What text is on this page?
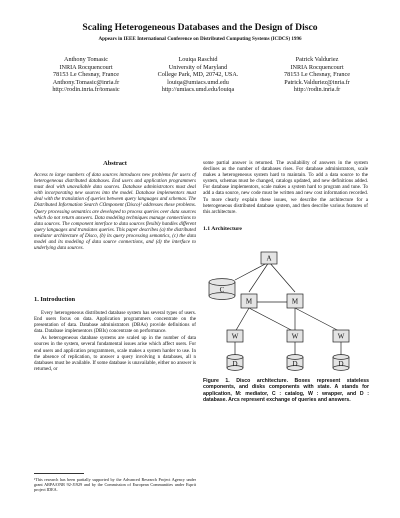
Scaling Heterogeneous Databases and the Design of Disco
Appears in IEEE International Conference on Distributed Computing Systems (ICDCS) 1996
Anthony Tomasic
INRIA Rocquencourt
78153 Le Chesnay, France
Anthony.Tomasic@inria.fr
http://rodin.inria.fr/tomasic
Louiqa Raschid
University of Maryland
College Park, MD, 20742, USA.
louiqa@umiacs.umd.edu
http://umiacs.umd.edu/louiqa
Patrick Valduriez
INRIA Rocquencourt
78153 Le Chesnay, France
Patrick.Valduriez@inria.fr
http://rodin.inria.fr
Abstract
Access to large numbers of data sources introduces new problems for users of heterogeneous distributed databases. End users and application programmers must deal with unavailable data sources. Database administrators must deal with incorporating new sources into the model. Database implementors must deal with the translation of queries between query languages and schemas. The Distributed Information Search COmponent (Disco)¹ addresses these problems. Query processing semantics are developed to process queries over data sources which do not return answers. Data modeling techniques manage connections to data sources. The component interface to data sources flexibly handles different query languages and translates queries. This paper describes (a) the distributed mediator architecture of Disco, (b) its query processing semantics, (c) the data model and its modeling of data source connections, and (d) the interface to underlying data sources.
1. Introduction

Every heterogeneous distributed database system has several types of users. End users focus on data. Application programmers concentrate on the presentation of data. Database administrators (DBAs) provide definitions of data. Database implementors (DBIs) concentrate on performance.

As heterogeneous database systems are scaled up in the number of data sources in the system, several fundamental issues arise which affect users. For end users and application programmers, scale makes a system harder to use. In the absence of replication, to answer a query involving n databases, all n databases must be available. If some database is unavailable, either no answer is returned, or

¹This research has been partially supported by the Advanced Research Project Agency under grant ARPA/ONR 92-J1929 and by the Commission of European Communities under Esprit project IDEA.
some partial answer is returned. The availability of answers in the system declines as the number of databases rises. For database administrators, scale makes a heterogeneous system hard to maintain. To add a data source to the system, schemas must be changed, catalogs updated, and new definitions added. For database implementors, scale makes a system hard to program and tune. To add a data source, new code must be written and new cost information recorded. To more clearly explain these issues, we describe the architecture for a heterogeneous distributed database system, and then describe various features of this architecture.
1.1 Architecture
A
C
M	M
W	W	W
D	D	D
Figure 1. Disco architecture. Boxes represent stateless components, and disks components with state. A stands for application, M: mediator, C : catalog, W : wrapper, and D : database. Arcs represent exchange of queries and answers.
